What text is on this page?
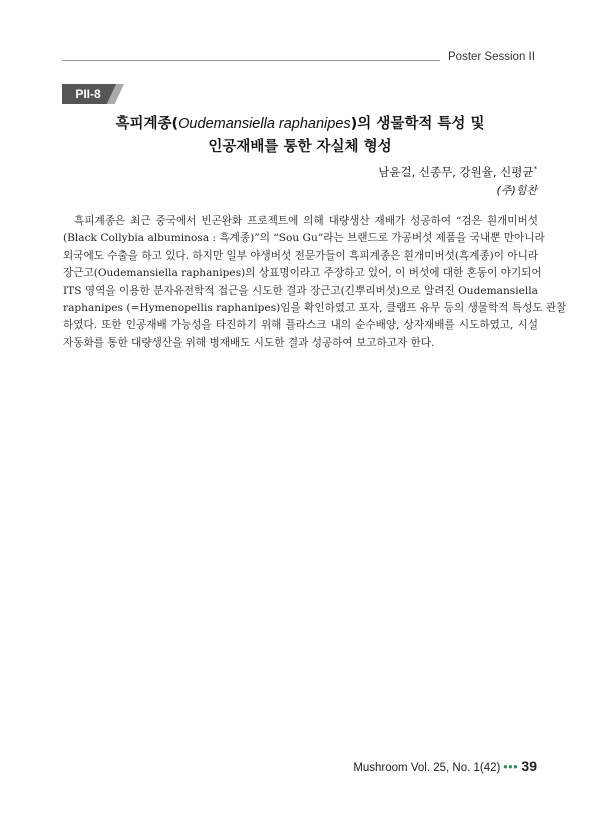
Poster Session II
PII-8
흑피계종(Oudemansiella raphanipes)의 생물학적 특성 및
인공재배를 통한 자실체 형성
남윤걸, 신종무, 강원율, 신평균*
(주)힘찬
흑피계종은 최근 중국에서 빈곤완화 프로젝트에 의해 대량생산 재배가 성공하여 “검은 흰개미버섯
(Black Collybia albuminosa : 흑계종)”의 “Sou Gu”라는 브랜드로 가공버섯 제품을 국내뿐 만아니라
외국에도 수출을 하고 있다. 하지만 일부 야생버섯 전문가들이 흑피계종은 흰개미버섯(흑계종)이 아니라
장근고(Oudemansiella raphanipes)의 상표명이라고 주장하고 있어, 이 버섯에 대한 혼동이 야기되어
ITS 영역을 이용한 분자유전학적 접근을 시도한 결과 장근고(긴뿌리버섯)으로 알려진 Oudemansiella
raphanipes (=Hymenopellis raphanipes)임을 확인하였고 포자, 클램프 유무 등의 생물학적 특성도 관찰
하였다. 또한 인공재배 가능성을 타진하기 위해 플라스크 내의 순수배양, 상자재배를 시도하였고, 시설
자동화를 통한 대량생산을 위해 병재배도 시도한 결과 성공하여 보고하고자 한다.
Mushroom Vol. 25, No. 1(42) ••• 39
